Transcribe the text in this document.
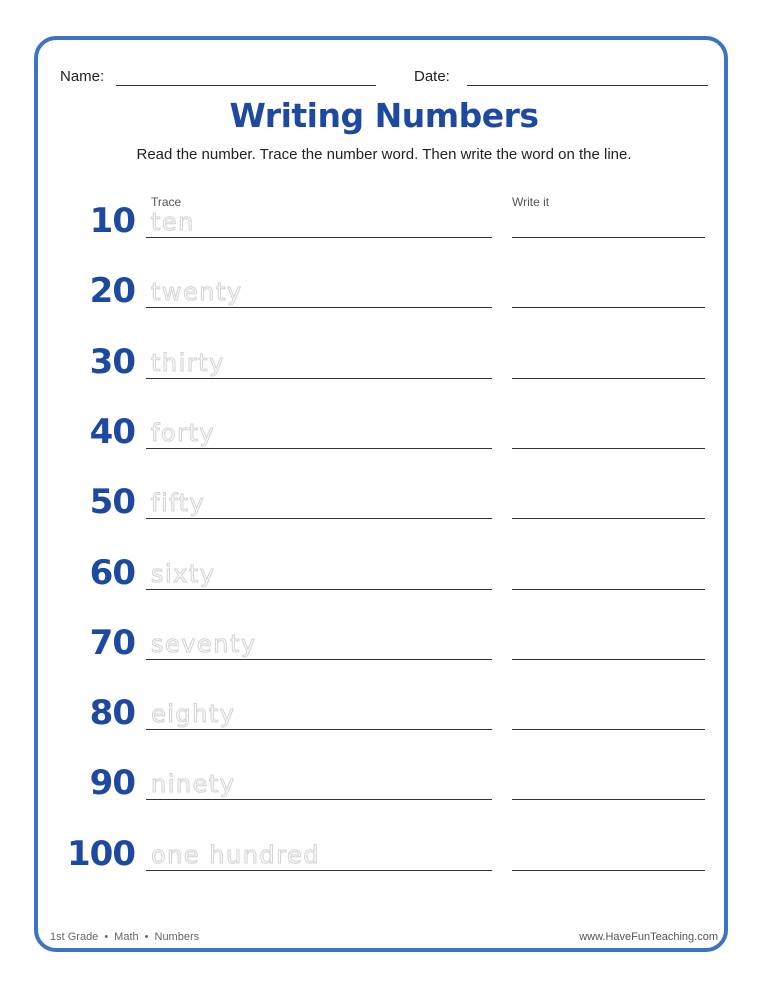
Name:	Date:
Writing Numbers
Read the number. Trace the number word. Then write the word on the line.
Trace	Write it
10 ten
20 twenty
30 thirty
40 forty
50 fifty
60 sixty
70 seventy
80 eighty
90 ninety
100 one hundred
1st Grade • Math • Numbers	www.HaveFunTeaching.com
